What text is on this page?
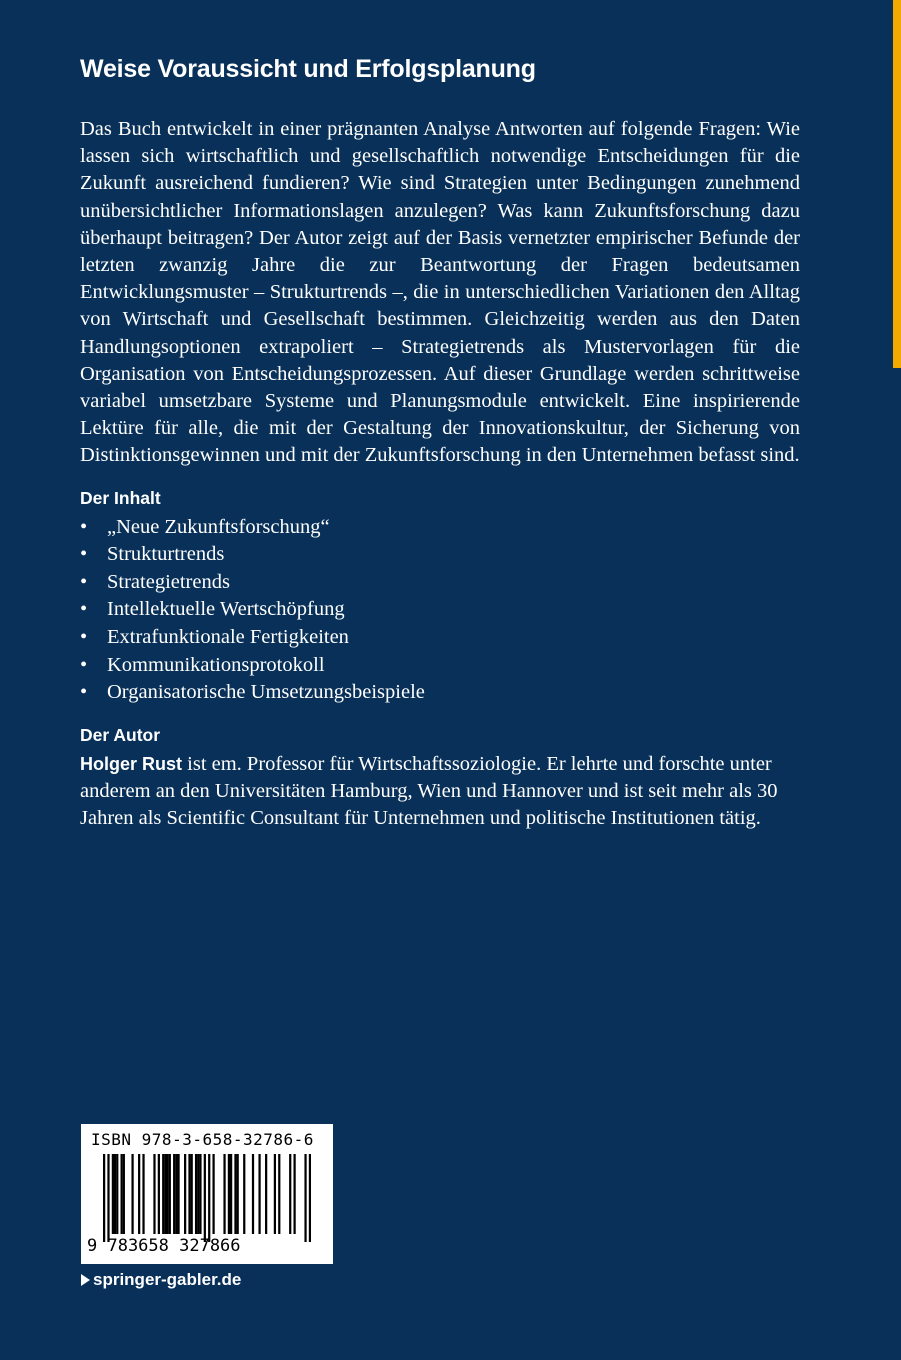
Weise Voraussicht und Erfolgsplanung

Das Buch entwickelt in einer prägnanten Analyse Antworten auf folgende Fragen: Wie lassen sich wirtschaftlich und gesellschaftlich notwendige Entscheidungen für die Zukunft ausreichend fundieren? Wie sind Strategien unter Bedingungen zunehmend unübersichtlicher Informationslagen anzulegen? Was kann Zukunftsforschung dazu überhaupt beitragen? Der Autor zeigt auf der Basis vernetzter empirischer Befunde der letzten zwanzig Jahre die zur Beantwortung der Fragen bedeutsamen Entwicklungsmuster – Strukturtrends –, die in unterschiedlichen Variationen den Alltag von Wirtschaft und Gesellschaft bestimmen. Gleichzeitig werden aus den Daten Handlungsoptionen extrapoliert – Strategietrends als Mustervorlagen für die Organisation von Entscheidungsprozessen. Auf dieser Grundlage werden schrittweise variabel umsetzbare Systeme und Planungsmodule entwickelt. Eine inspirierende Lektüre für alle, die mit der Gestaltung der Innovationskultur, der Sicherung von Distinktionsgewinnen und mit der Zukunftsforschung in den Unternehmen befasst sind.

Der Inhalt
• „Neue Zukunftsforschung“
• Strukturtrends
• Strategietrends
• Intellektuelle Wertschöpfung
• Extrafunktionale Fertigkeiten
• Kommunikationsprotokoll
• Organisatorische Umsetzungsbeispiele
Der Autor

Holger Rust ist em. Professor für Wirtschaftssoziologie. Er lehrte und forschte unter anderem an den Universitäten Hamburg, Wien und Hannover und ist seit mehr als 30 Jahren als Scientific Consultant für Unternehmen und politische Institutionen tätig.

ISBN 978-3-658-32786-6
9 783658 327866
springer-gabler.de
